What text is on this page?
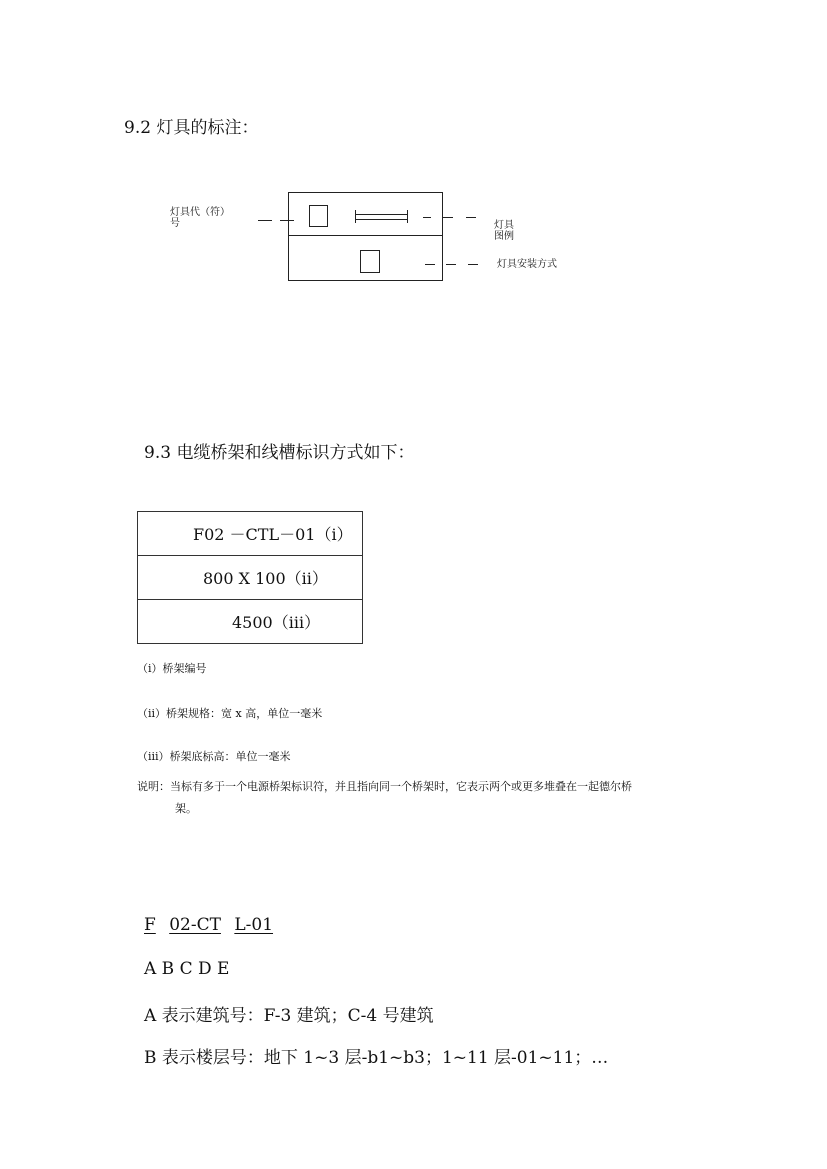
9.2 灯具的标注：
灯具代（符）
号	灯具
图例
灯具安装方式
9.3 电缆桥架和线槽标识方式如下：
F02 －CTL－01（ⅰ）
800 X 100（ⅱ）
4500（ⅲ）
（ⅰ）桥架编号
（ⅱ）桥架规格：宽 x 高，单位一毫米
（ⅲ）桥架底标高：单位一毫米
说明：当标有多于一个电源桥架标识符，并且指向同一个桥架时，它表示两个或更多堆叠在一起德尔桥
架。
F 02-CT L-01
A B C D E
A 表示建筑号：F-3 建筑；C-4 号建筑
B 表示楼层号：地下 1~3 层-b1~b3；1~11 层-01~11；…
